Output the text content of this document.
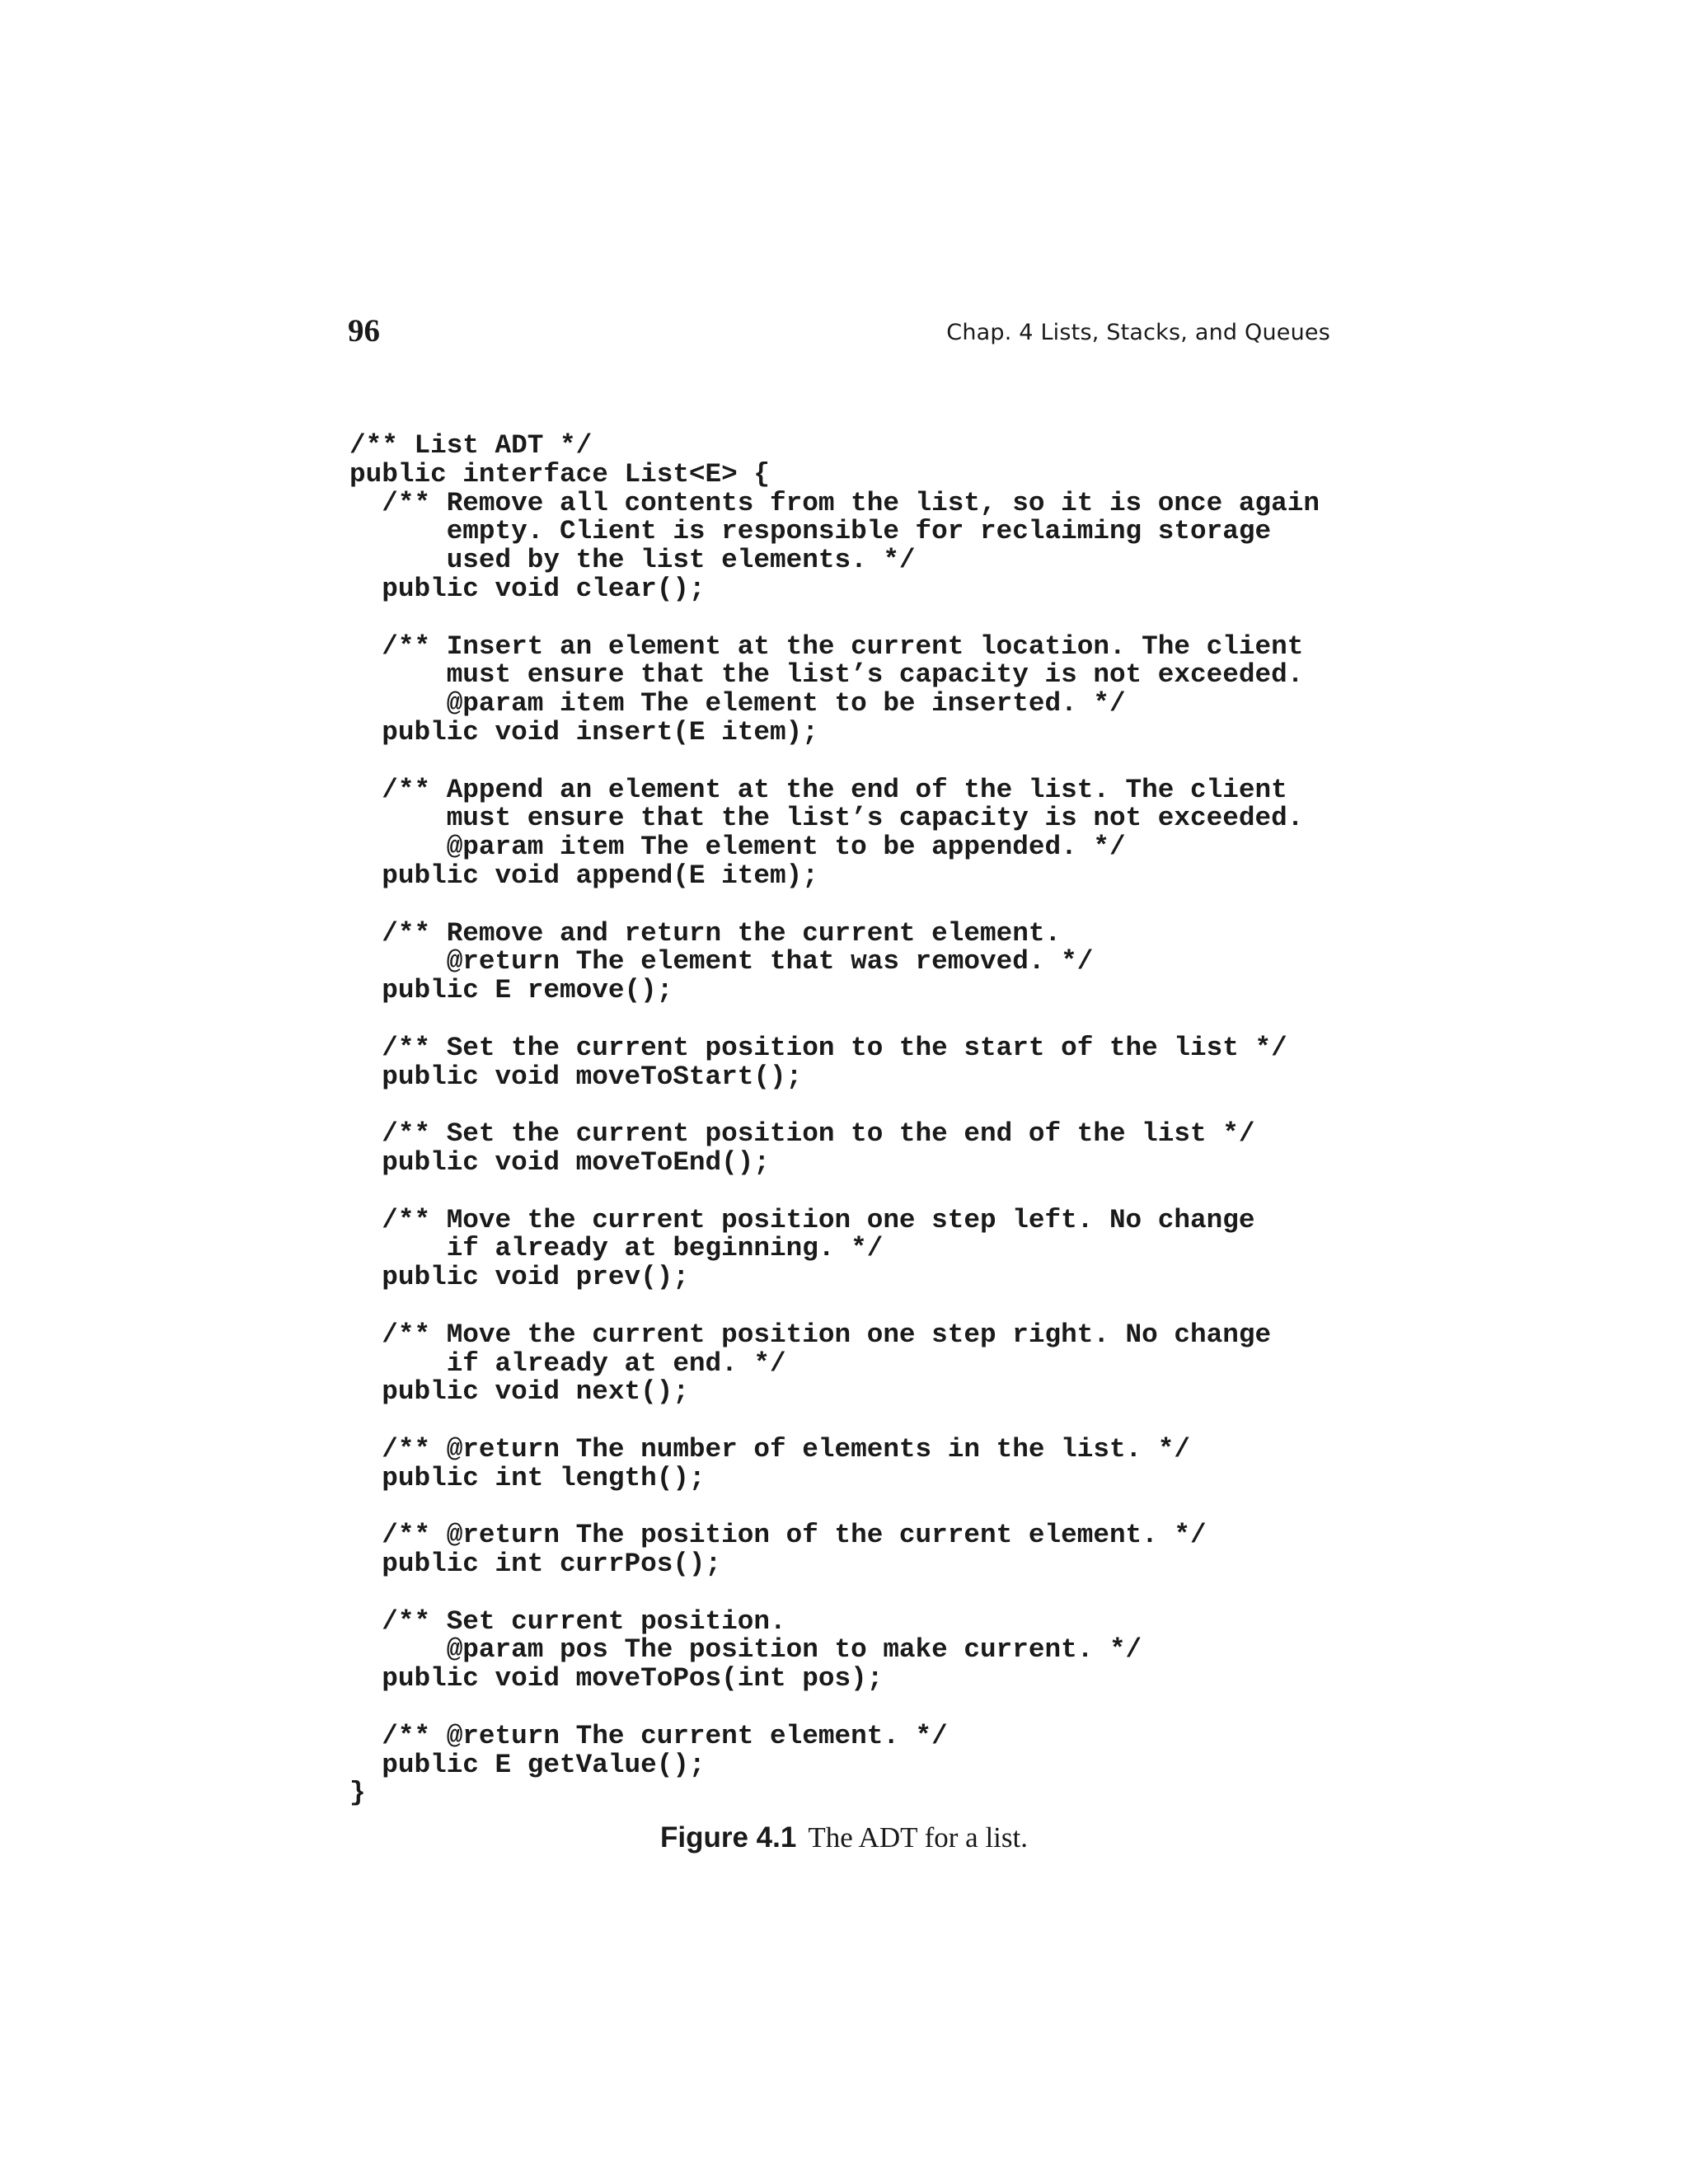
96	Chap. 4 Lists, Stacks, and Queues
/** List ADT */
public interface List<E> {
/** Remove all contents from the list, so it is once again
empty. Client is responsible for reclaiming storage
used by the list elements. */
public void clear();
/** Insert an element at the current location. The client
must ensure that the list’s capacity is not exceeded.
@param item The element to be inserted. */
public void insert(E item);
/** Append an element at the end of the list. The client
must ensure that the list’s capacity is not exceeded.
@param item The element to be appended. */
public void append(E item);
/** Remove and return the current element.
@return The element that was removed. */
public E remove();
/** Set the current position to the start of the list */
public void moveToStart();
/** Set the current position to the end of the list */
public void moveToEnd();
/** Move the current position one step left. No change
if already at beginning. */
public void prev();
/** Move the current position one step right. No change
if already at end. */
public void next();
/** @return The number of elements in the list. */
public int length();
/** @return The position of the current element. */
public int currPos();
/** Set current position.
@param pos The position to make current. */
public void moveToPos(int pos);
/** @return The current element. */
public E getValue();
}
Figure 4.1 The ADT for a list.
